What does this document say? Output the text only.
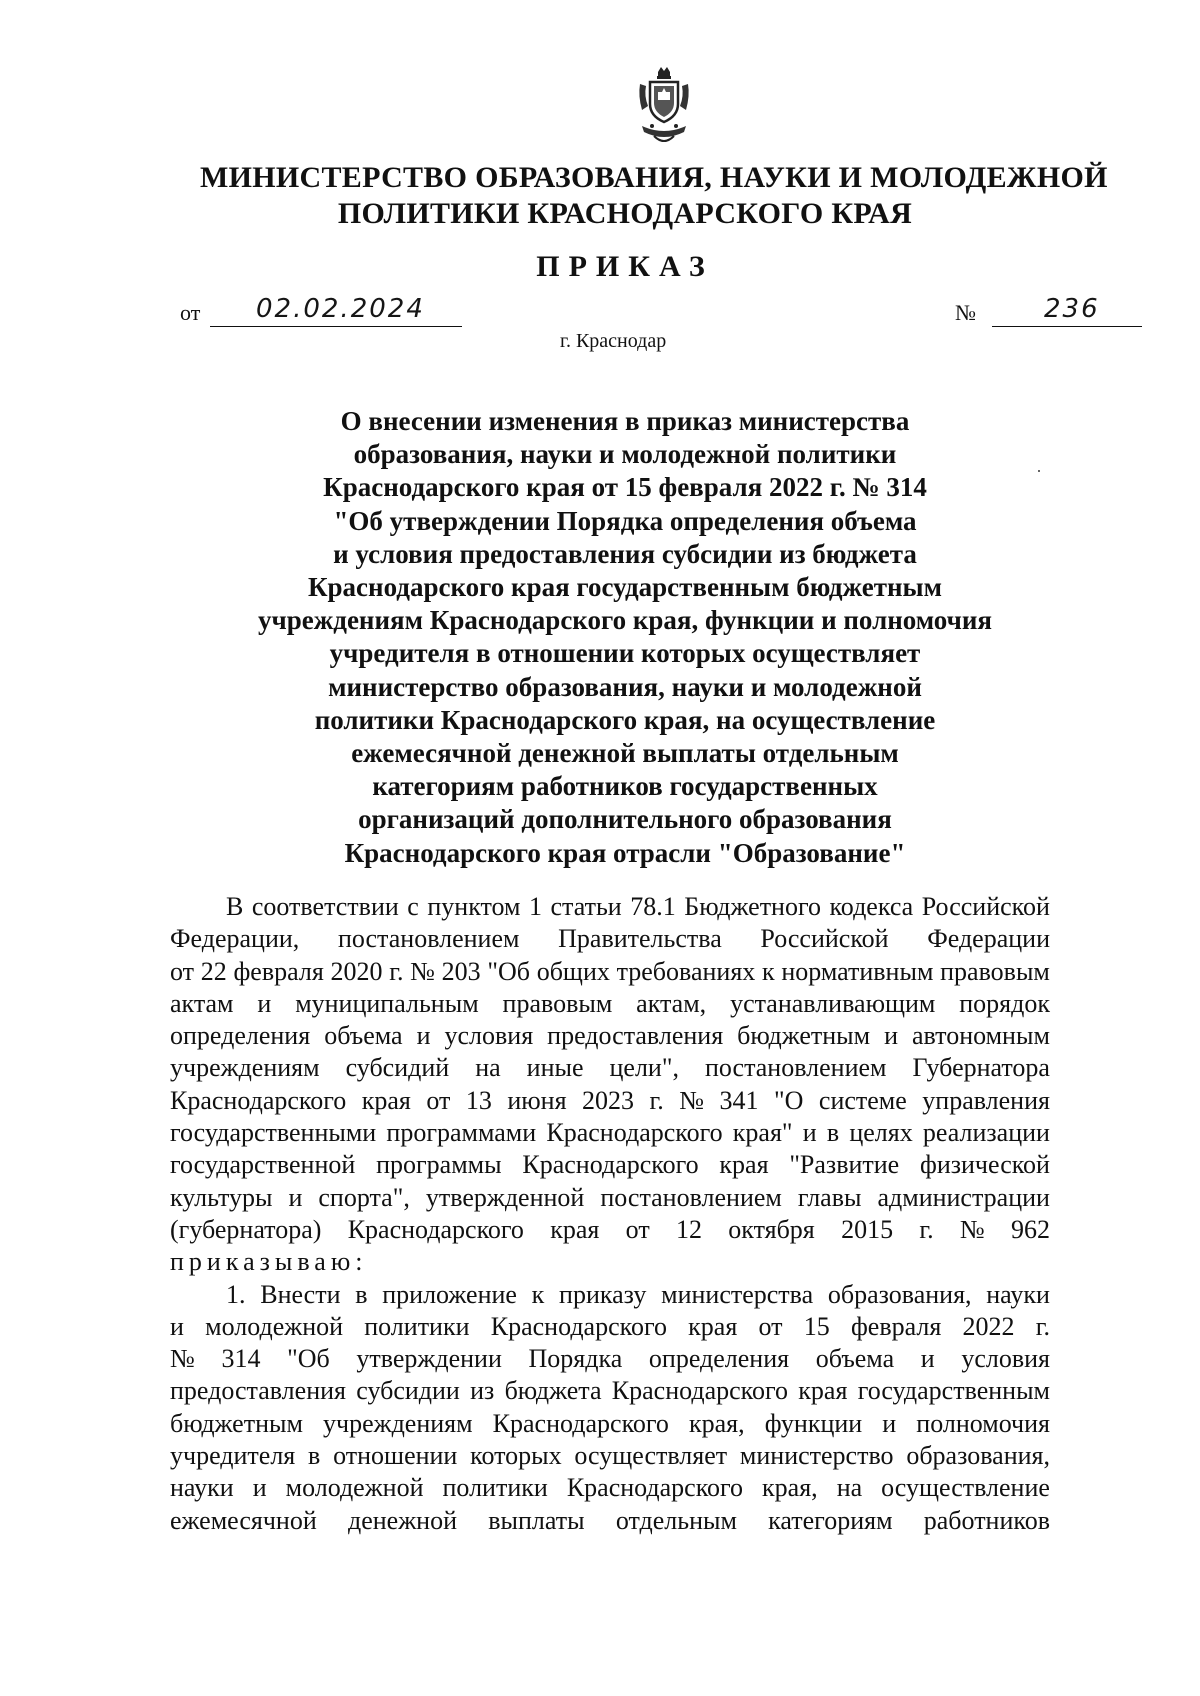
МИНИСТЕРСТВО ОБРАЗОВАНИЯ, НАУКИ И МОЛОДЕЖНОЙ
ПОЛИТИКИ КРАСНОДАРСКОГО КРАЯ
ПРИКАЗ
от 02.02.2024	№	236
г. Краснодар
О внесении изменения в приказ министерства
образования, науки и молодежной политики
Краснодарского края от 15 февраля 2022 г. № 314
"Об утверждении Порядка определения объема
и условия предоставления субсидии из бюджета
Краснодарского края государственным бюджетным
учреждениям Краснодарского края, функции и полномочия
учредителя в отношении которых осуществляет
министерство образования, науки и молодежной
политики Краснодарского края, на осуществление
ежемесячной денежной выплаты отдельным
категориям работников государственных
организаций дополнительного образования
Краснодарского края отрасли "Образование"
В соответствии с пунктом 1 статьи 78.1 Бюджетного кодекса Российской
Федерации, постановлением Правительства Российской Федерации
от 22 февраля 2020 г. № 203 "Об общих требованиях к нормативным правовым
актам и муниципальным правовым актам, устанавливающим порядок
определения объема и условия предоставления бюджетным и автономным
учреждениям субсидий на иные цели", постановлением Губернатора
Краснодарского края от 13 июня 2023 г. № 341 "О системе управления
государственными программами Краснодарского края" и в целях реализации
государственной программы Краснодарского края "Развитие физической
культуры и спорта", утвержденной постановлением главы администрации
(губернатора) Краснодарского края от 12 октября 2015 г. № 962
приказываю:
1. Внести в приложение к приказу министерства образования, науки
и молодежной политики Краснодарского края от 15 февраля 2022 г.
№ 314 "Об утверждении Порядка определения объема и условия
предоставления субсидии из бюджета Краснодарского края государственным
бюджетным учреждениям Краснодарского края, функции и полномочия
учредителя в отношении которых осуществляет министерство образования,
науки и молодежной политики Краснодарского края, на осуществление
ежемесячной денежной выплаты отдельным категориям работников
